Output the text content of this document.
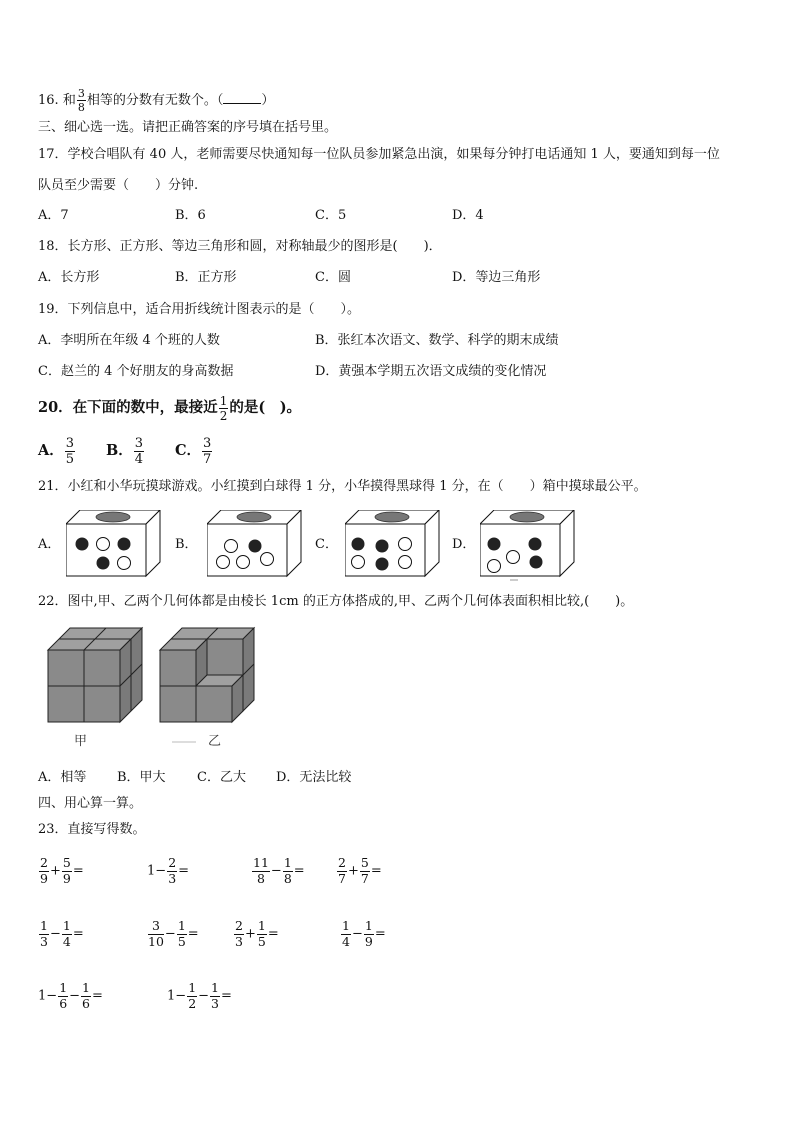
16. 和 $\frac{3}{8}$ 相等的分数有无数个。（	）
三、细心选一选。请把正确答案的序号填在括号里。
17．学校合唱队有 40 人，老师需要尽快通知每一位队员参加紧急出演，如果每分钟打电话通知 1 人，要通知到每一位
队员至少需要（　　）分钟.
A．7	B．6	C．5	D．4
18．长方形、正方形、等边三角形和圆，对称轴最少的图形是(　　)．
A．长方形	B．正方形	C．圆	D．等边三角形
19．下列信息中，适合用折线统计图表示的是（　　）。
A．李明所在年级 4 个班的人数	B．张红本次语文、数学、科学的期末成绩
C．赵兰的 4 个好朋友的身高数据	D．黄强本学期五次语文成绩的变化情况
20．在下面的数中，最接近 $\frac{1}{2}$ 的是(　)。
A． $\frac{3}{5}$ B． $\frac{3}{4}$ C． $\frac{3}{7}$
21．小红和小华玩摸球游戏。小红摸到白球得 1 分，小华摸得黑球得 1 分，在（　　）箱中摸球最公平。
A．	B．	C．	D．
22．图中,甲、乙两个几何体都是由棱长 1cm 的正方体搭成的,甲、乙两个几何体表面积相比较,(　　)。
甲	乙
A．相等 B．甲大 C．乙大 D．无法比较
四、用心算一算。
23．直接写得数。
$\frac{2}{9} + \frac{5}{9}$ =	$1- \frac{2}{3}$ =	$\frac{11}{8} - \frac{1}{8}$ =	$\frac{2}{7} + \frac{5}{7}$ =
$\frac{1}{3} - \frac{1}{4}$ =	$\frac{3}{10} - \frac{1}{5}$ =	$\frac{2}{3} + \frac{1}{5}$ =	$\frac{1}{4} - \frac{1}{9}$ =
$1- \frac{1}{6} - \frac{1}{6}$ =	$1- \frac{1}{2} - \frac{1}{3}$ =
